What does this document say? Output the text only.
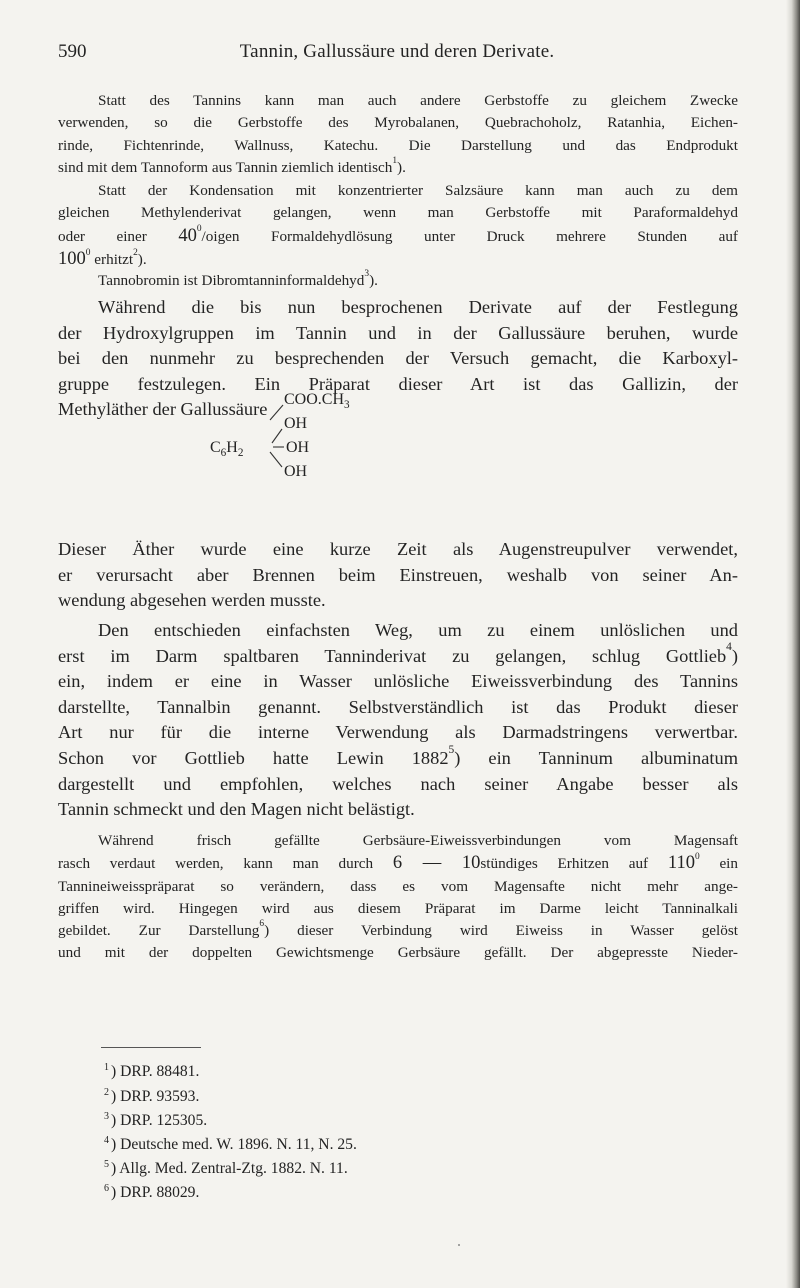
590	Tannin, Gallussäure und deren Derivate.
Statt des Tannins kann man auch andere Gerbstoffe zu gleichem Zwecke
verwenden, so die Gerbstoffe des Myrobalanen, Quebrachoholz, Ratanhia, Eichen-
rinde, Fichtenrinde, Wallnuss, Katechu. Die Darstellung und das Endprodukt
sind mit dem Tannoform aus Tannin ziemlich identisch$^1$).
Statt der Kondensation mit konzentrierter Salzsäure kann man auch zu dem
gleichen Methylenderivat gelangen, wenn man Gerbstoffe mit Paraformaldehyd
oder einer $40^0$/oigen Formaldehydlösung unter Druck mehrere Stunden auf
$100^0$ erhitzt$^2$).
Tannobromin ist Dibromtanninformaldehyd$^3$).
Während die bis nun besprochenen Derivate auf der Festlegung
der Hydroxylgruppen im Tannin und in der Gallussäure beruhen, wurde
bei den nunmehr zu besprechenden der Versuch gemacht, die Karboxyl-
gruppe festzulegen. Ein Präparat dieser Art ist das Gallizin, der
Methyläther der Gallussäure
$C_6H_2$
$COO.CH_3$
OH
OH
OH
Dieser Äther wurde eine kurze Zeit als Augenstreupulver verwendet,
er verursacht aber Brennen beim Einstreuen, weshalb von seiner An-
wendung abgesehen werden musste.
Den entschieden einfachsten Weg, um zu einem unlöslichen und
erst im Darm spaltbaren Tanninderivat zu gelangen, schlug Gottlieb$^4$)
ein, indem er eine in Wasser unlösliche Eiweissverbindung des Tannins
darstellte, Tannalbin genannt. Selbstverständlich ist das Produkt dieser
Art nur für die interne Verwendung als Darmadstringens verwertbar.
Schon vor Gottlieb hatte Lewin 1882$^5$) ein Tanninum albuminatum
dargestellt und empfohlen, welches nach seiner Angabe besser als
Tannin schmeckt und den Magen nicht belästigt.
Während frisch gefällte Gerbsäure-Eiweissverbindungen vom Magensaft
rasch verdaut werden, kann man durch 6 — 10stündiges Erhitzen auf $110^0$ ein
Tannineiweisspräparat so verändern, dass es vom Magensafte nicht mehr ange-
griffen wird. Hingegen wird aus diesem Präparat im Darme leicht Tanninalkali
gebildet. Zur Darstellung$^6$) dieser Verbindung wird Eiweiss in Wasser gelöst
und mit der doppelten Gewichtsmenge Gerbsäure gefällt. Der abgepresste Nieder-
$^1$ ) DRP. 88481.
$^2$ ) DRP. 93593.
$^3$ ) DRP. 125305.
$^4$ ) Deutsche med. W. 1896. N. 11, N. 25.
$^5$ ) Allg. Med. Zentral-Ztg. 1882. N. 11.
$^6$ ) DRP. 88029.
